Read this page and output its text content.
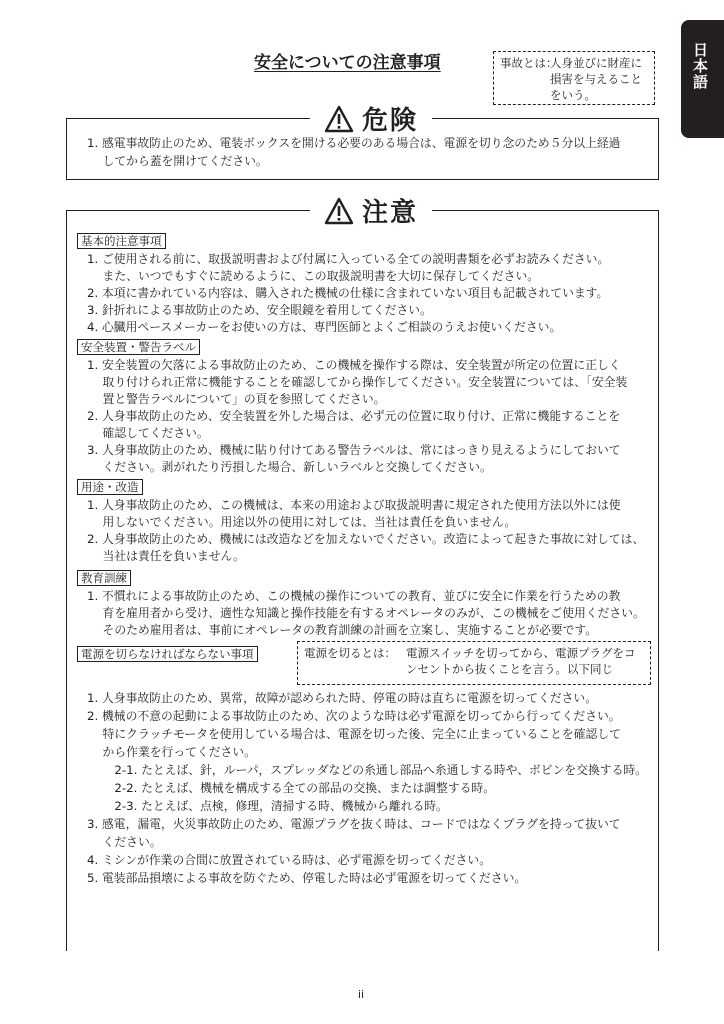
日本語
安全についての注意事項	事故とは：
人身並びに財産に損害を与えることをいう。
危険
1. 感電事故防止のため、電装ボックスを開ける必要のある場合は、電源を切り念のため５分以上経過
　 してから蓋を開けてください。
注意
基本的注意事項
1. ご使用される前に、取扱説明書および付属に入っている全ての説明書類を必ずお読みください。
　 また、いつでもすぐに読めるように、この取扱説明書を大切に保存してください。
2. 本項に書かれている内容は、購入された機械の仕様に含まれていない項目も記載されています。
3. 針折れによる事故防止のため、安全眼鏡を着用してください。
4. 心臓用ペースメーカーをお使いの方は、専門医師とよくご相談のうえお使いください。
安全装置・警告ラベル
1. 安全装置の欠落による事故防止のため、この機械を操作する際は、安全装置が所定の位置に正しく
　 取り付けられ正常に機能することを確認してから操作してください。安全装置については、「安全装
　 置と警告ラベルについて」の頁を参照してください。
2. 人身事故防止のため、安全装置を外した場合は、必ず元の位置に取り付け、正常に機能することを
　 確認してください。
3. 人身事故防止のため、機械に貼り付けてある警告ラベルは、常にはっきり見えるようにしておいて
　 ください。剥がれたり汚損した場合、新しいラベルと交換してください。
用途・改造
1. 人身事故防止のため、この機械は、本来の用途および取扱説明書に規定された使用方法以外には使
　 用しないでください。用途以外の使用に対しては、当社は責任を負いません。
2. 人身事故防止のため、機械には改造などを加えないでください。改造によって起きた事故に対しては、
　 当社は責任を負いません。
教育訓練
1. 不慣れによる事故防止のため、この機械の操作についての教育、並びに安全に作業を行うための教
　 育を雇用者から受け、適性な知識と操作技能を有するオペレータのみが、この機械をご使用ください。
　 そのため雇用者は、事前にオペレータの教育訓練の計画を立案し、実施することが必要です。
電源を切らなければならない事項	電源を切るとは： 電源スイッチを切ってから、電源プラグをコンセントから抜くことを言う。以下同じ
1. 人身事故防止のため、異常，故障が認められた時、停電の時は直ちに電源を切ってください。
2. 機械の不意の起動による事故防止のため、次のような時は必ず電源を切ってから行ってください。
　 特にクラッチモータを使用している場合は、電源を切った後、完全に止まっていることを確認して
　 から作業を行ってください。
　　 2-1. たとえば、針，ルーパ，スプレッダなどの糸通し部品へ糸通しする時や、ボビンを交換する時。
　　 2-2. たとえば、機械を構成する全ての部品の交換、または調整する時。
　　 2-3. たとえば、点検，修理，清掃する時、機械から離れる時。
3. 感電，漏電，火災事故防止のため、電源プラグを抜く時は、コードではなくプラグを持って抜いて
　 ください。
4. ミシンが作業の合間に放置されている時は、必ず電源を切ってください。
5. 電装部品損壊による事故を防ぐため、停電した時は必ず電源を切ってください。
ii
